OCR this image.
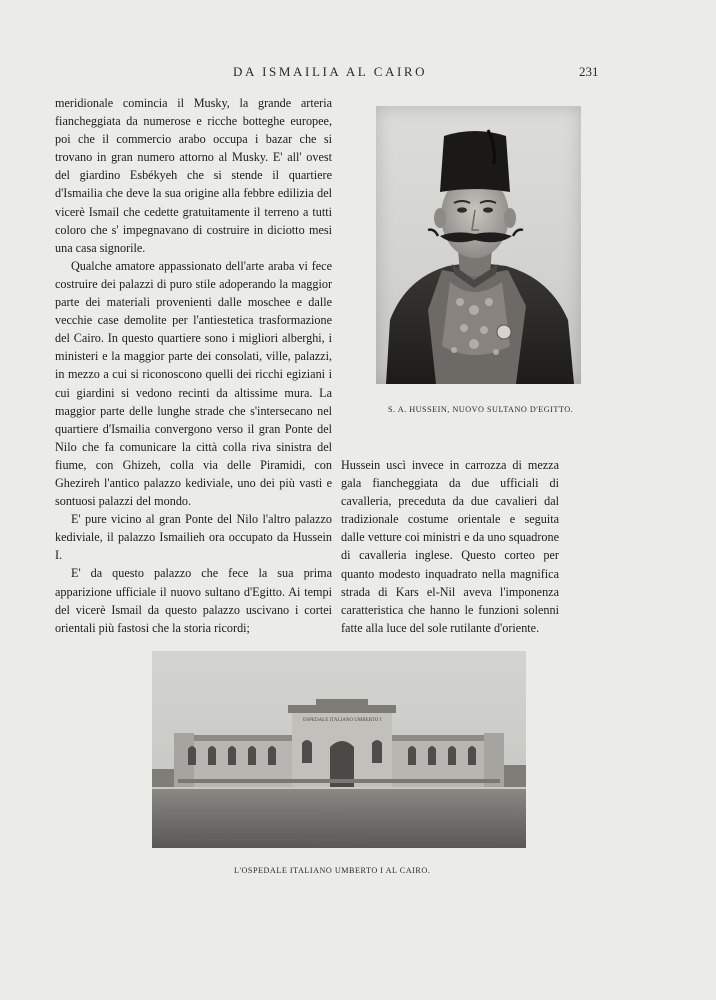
DA ISMAILIA AL CAIRO	231

meridionale comincia il Musky, la grande arteria fiancheggiata da numerose e ricche botteghe europee, poi che il commercio arabo occupa i bazar che si trovano in gran numero attorno al Musky. E' all' ovest del giardino Esbékyeh che si stende il quartiere d'Ismailia che deve la sua origine alla febbre edilizia del vicerè Ismail che cedette gratuitamente il terreno a tutti coloro che s' impegnavano di costruire in diciotto mesi una casa signorile.

Qualche amatore appassionato dell'arte araba vi fece costruire dei palazzi di puro stile adoperando la maggior parte dei materiali provenienti dalle moschee e dalle vecchie case demolite per l'antiestetica trasformazione del Cairo. In questo quartiere sono i migliori alberghi, i ministeri e la maggior parte dei consolati, ville, palazzi, in mezzo a cui si riconoscono quelli dei ricchi egiziani i cui giardini si vedono recinti da altissime mura. La maggior parte delle lunghe strade che s'intersecano nel quartiere d'Ismailia convergono verso il gran Ponte del Nilo che fa comunicare la città colla riva sinistra del fiume, con Ghizeh, colla via delle Piramidi, con Ghezireh l'antico palazzo kediviale, uno dei più vasti e sontuosi palazzi del mondo.

E' pure vicino al gran Ponte del Nilo l'altro palazzo kediviale, il palazzo Ismailieh ora occupato da Hussein I.

E' da questo palazzo che fece la sua prima apparizione ufficiale il nuovo sultano d'Egitto. Ai tempi del vicerè Ismail da questo palazzo uscivano i cortei orientali più fastosi che la storia ricordi;

S. A. HUSSEIN, NUOVO SULTANO D'EGITTO.

Hussein uscì invece in carrozza di mezza gala fiancheggiata da due ufficiali di cavalleria, preceduta da due cavalieri dal tradizionale costume orientale e seguita dalle vetture coi ministri e da uno squadrone di cavalleria inglese. Questo corteo per quanto modesto inquadrato nella magnifica strada di Kars el-Nil aveva l'imponenza caratteristica che hanno le funzioni solenni fatte alla luce del sole rutilante d'oriente.

OSPEDALE ITALIANO UMBERTO I
L'OSPEDALE ITALIANO UMBERTO I AL CAIRO.
